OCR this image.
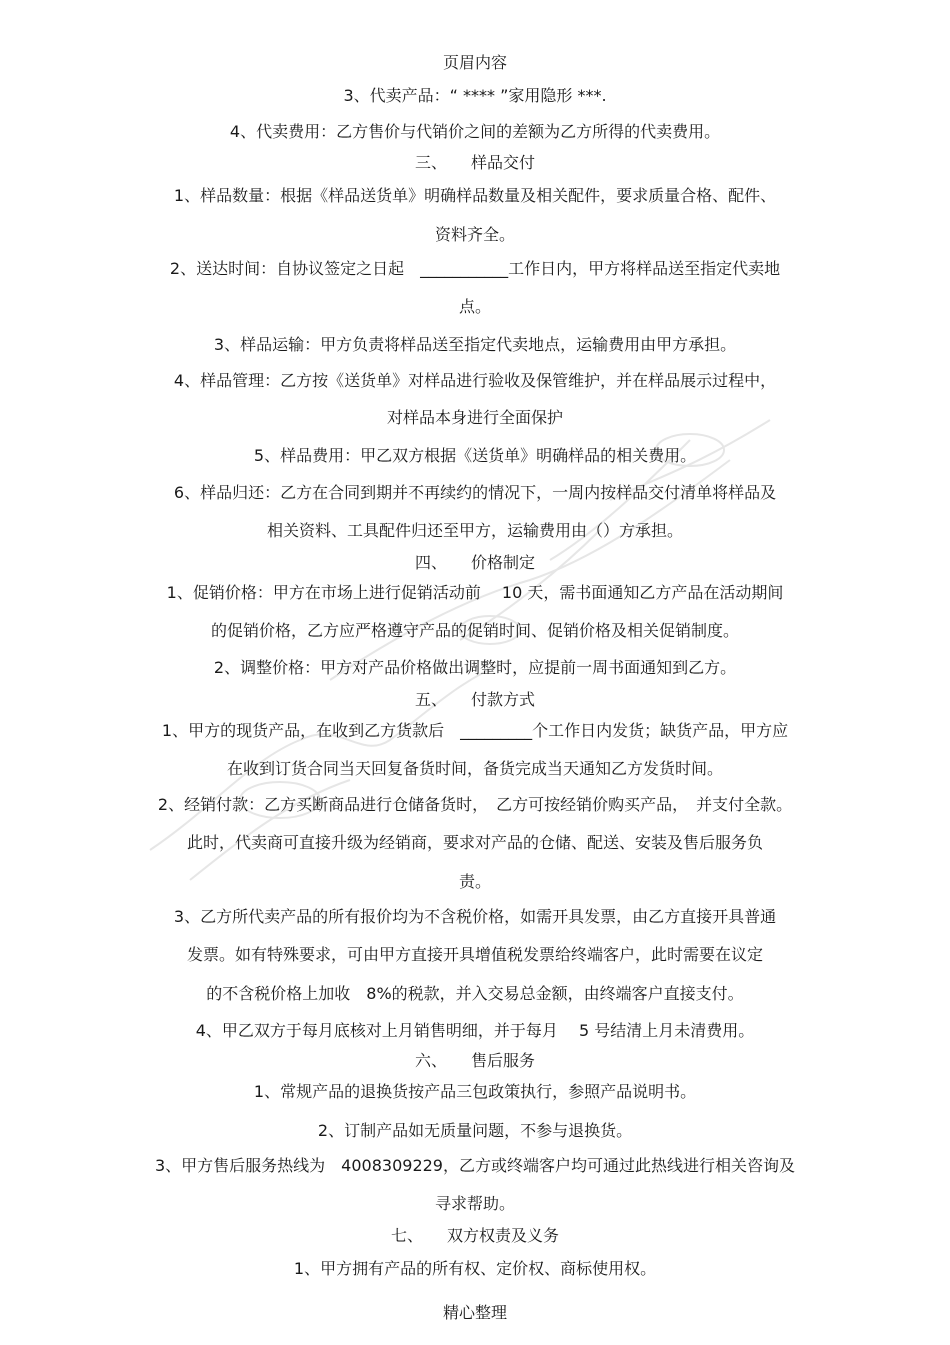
页眉内容
3、代卖产品：“ **** ”家用隐形 ***.
4、代卖费用：乙方售价与代销价之间的差额为乙方所得的代卖费用。
三、　　样品交付
1、样品数量：根据《样品送货单》明确样品数量及相关配件，要求质量合格、配件、
资料齐全。
2、送达时间：自协议签定之日起　___________工作日内，甲方将样品送至指定代卖地
点。
3、样品运输：甲方负责将样品送至指定代卖地点，运输费用由甲方承担。
4、样品管理：乙方按《送货单》对样品进行验收及保管维护，并在样品展示过程中，
对样品本身进行全面保护
5、样品费用：甲乙双方根据《送货单》明确样品的相关费用。
6、样品归还：乙方在合同到期并不再续约的情况下，一周内按样品交付清单将样品及
相关资料、工具配件归还至甲方，运输费用由（）方承担。
四、　　价格制定
1、促销价格：甲方在市场上进行促销活动前　 10 天，需书面通知乙方产品在活动期间
的促销价格，乙方应严格遵守产品的促销时间、促销价格及相关促销制度。
2、调整价格：甲方对产品价格做出调整时，应提前一周书面通知到乙方。
五、　　付款方式
1、甲方的现货产品，在收到乙方货款后　_________个工作日内发货；缺货产品，甲方应
在收到订货合同当天回复备货时间，备货完成当天通知乙方发货时间。
2、经销付款：乙方买断商品进行仓储备货时，　乙方可按经销价购买产品，　并支付全款。
此时，代卖商可直接升级为经销商，要求对产品的仓储、配送、安装及售后服务负
责。
3、乙方所代卖产品的所有报价均为不含税价格，如需开具发票，由乙方直接开具普通
发票。如有特殊要求，可由甲方直接开具增值税发票给终端客户，此时需要在议定
的不含税价格上加收　8%的税款，并入交易总金额，由终端客户直接支付。
4、甲乙双方于每月底核对上月销售明细，并于每月　 5 号结清上月未清费用。
六、　　售后服务
1、常规产品的退换货按产品三包政策执行，参照产品说明书。
2、订制产品如无质量问题，不参与退换货。
3、甲方售后服务热线为　4008309229，乙方或终端客户均可通过此热线进行相关咨询及
寻求帮助。
七、　　双方权责及义务
1、甲方拥有产品的所有权、定价权、商标使用权。
精心整理
